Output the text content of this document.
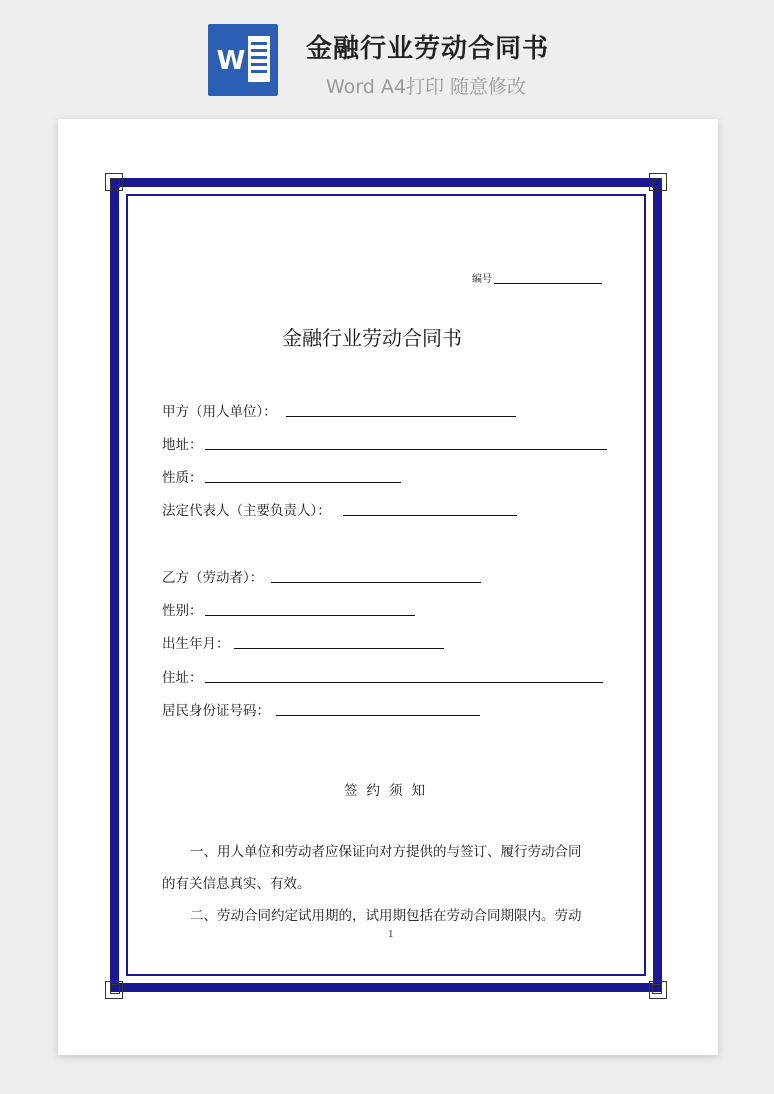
W 金融行业劳动合同书
Word A4打印 随意修改
编号
金融行业劳动合同书
甲方（用人单位）：
地址：
性质：
法定代表人（主要负责人）：
乙方（劳动者）：
性别：
出生年月：
住址：
居民身份证号码：
签约须知
一、用人单位和劳动者应保证向对方提供的与签订、履行劳动合同
的有关信息真实、有效。
二、劳动合同约定试用期的，试用期包括在劳动合同期限内。劳动
1
